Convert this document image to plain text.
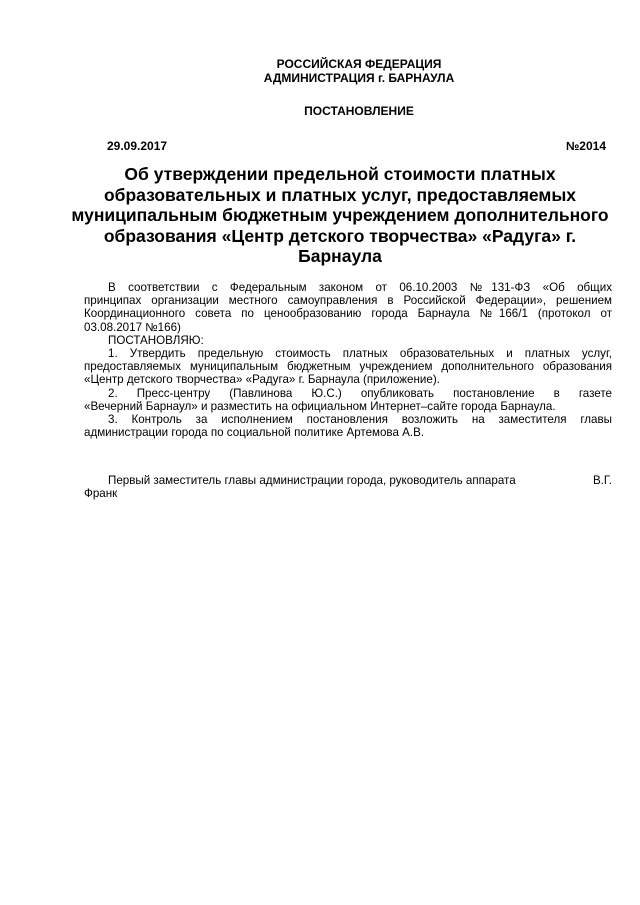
РОССИЙСКАЯ ФЕДЕРАЦИЯ
АДМИНИСТРАЦИЯ г. БАРНАУЛА
ПОСТАНОВЛЕНИЕ
29.09.2017	№2014
Об утверждении предельной стоимости платных образовательных и платных услуг, предоставляемых муниципальным бюджетным учреждением дополнительного образования «Центр детского творчества» «Радуга» г. Барнаула
В соответствии с Федеральным законом от 06.10.2003 №131-ФЗ «Об общих
принципах организации местного самоуправления в Российской Федерации», решением Координационного совета по ценообразованию города Барнаула №166/1 (протокол от 03.08.2017 №166)
ПОСТАНОВЛЯЮ:
1. Утвердить предельную стоимость платных образовательных и платных услуг,
предоставляемых муниципальным бюджетным учреждением дополнительного образования «Центр детского творчества» «Радуга» г. Барнаула (приложение).
2. Пресс-центру (Павлинова Ю.С.) опубликовать постановление в газете
«Вечерний Барнаул» и разместить на официальном Интернет–сайте города Барнаула.
3. Контроль за исполнением постановления возложить на заместителя главы
администрации города по социальной политике Артемова А.В.
Первый заместитель главы администрации города, руководитель аппарата	В.Г.
Франк
